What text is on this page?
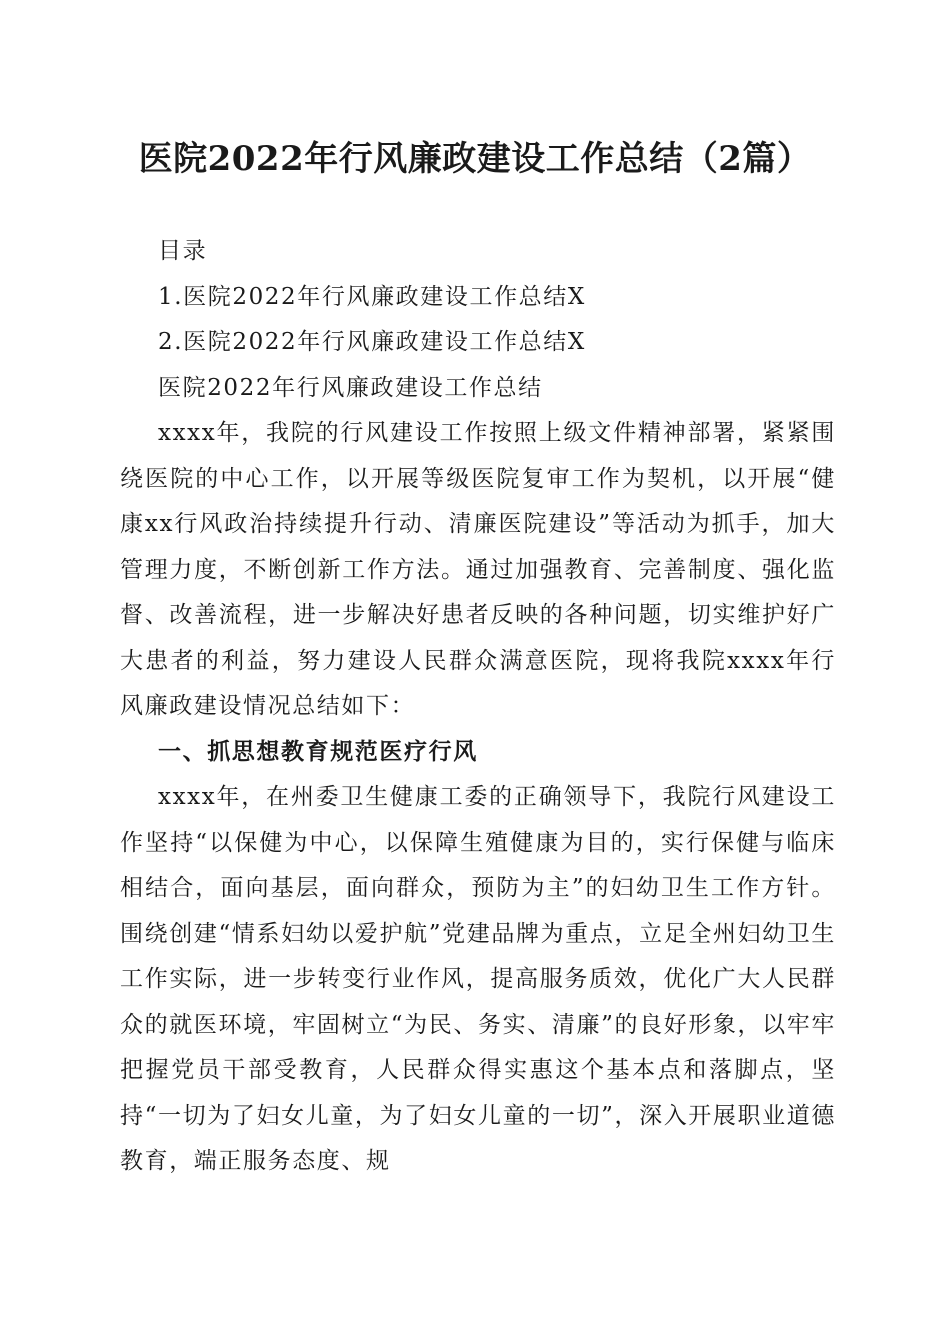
医院2022年行风廉政建设工作总结（2篇）

目录

1.医院2022年行风廉政建设工作总结X

2.医院2022年行风廉政建设工作总结X

医院2022年行风廉政建设工作总结

xxxx年，我院的行风建设工作按照上级文件精神部署，紧紧围绕医院的中心工作，以开展等级医院复审工作为契机，以开展“健康xx行风政治持续提升行动、清廉医院建设”等活动为抓手，加大管理力度，不断创新工作方法。通过加强教育、完善制度、强化监督、改善流程，进一步解决好患者反映的各种问题，切实维护好广大患者的利益，努力建设人民群众满意医院，现将我院xxxx年行风廉政建设情况总结如下：

一、抓思想教育规范医疗行风

xxxx年，在州委卫生健康工委的正确领导下，我院行风建设工作坚持“以保健为中心，以保障生殖健康为目的，实行保健与临床相结合，面向基层，面向群众，预防为主”的妇幼卫生工作方针。围绕创建“情系妇幼以爱护航”党建品牌为重点，立足全州妇幼卫生工作实际，进一步转变行业作风，提高服务质效，优化广大人民群众的就医环境，牢固树立“为民、务实、清廉”的良好形象，以牢牢把握党员干部受教育，人民群众得实惠这个基本点和落脚点，坚持“一切为了妇女儿童，为了妇女儿童的一切”，深入开展职业道德教育，端正服务态度、规
